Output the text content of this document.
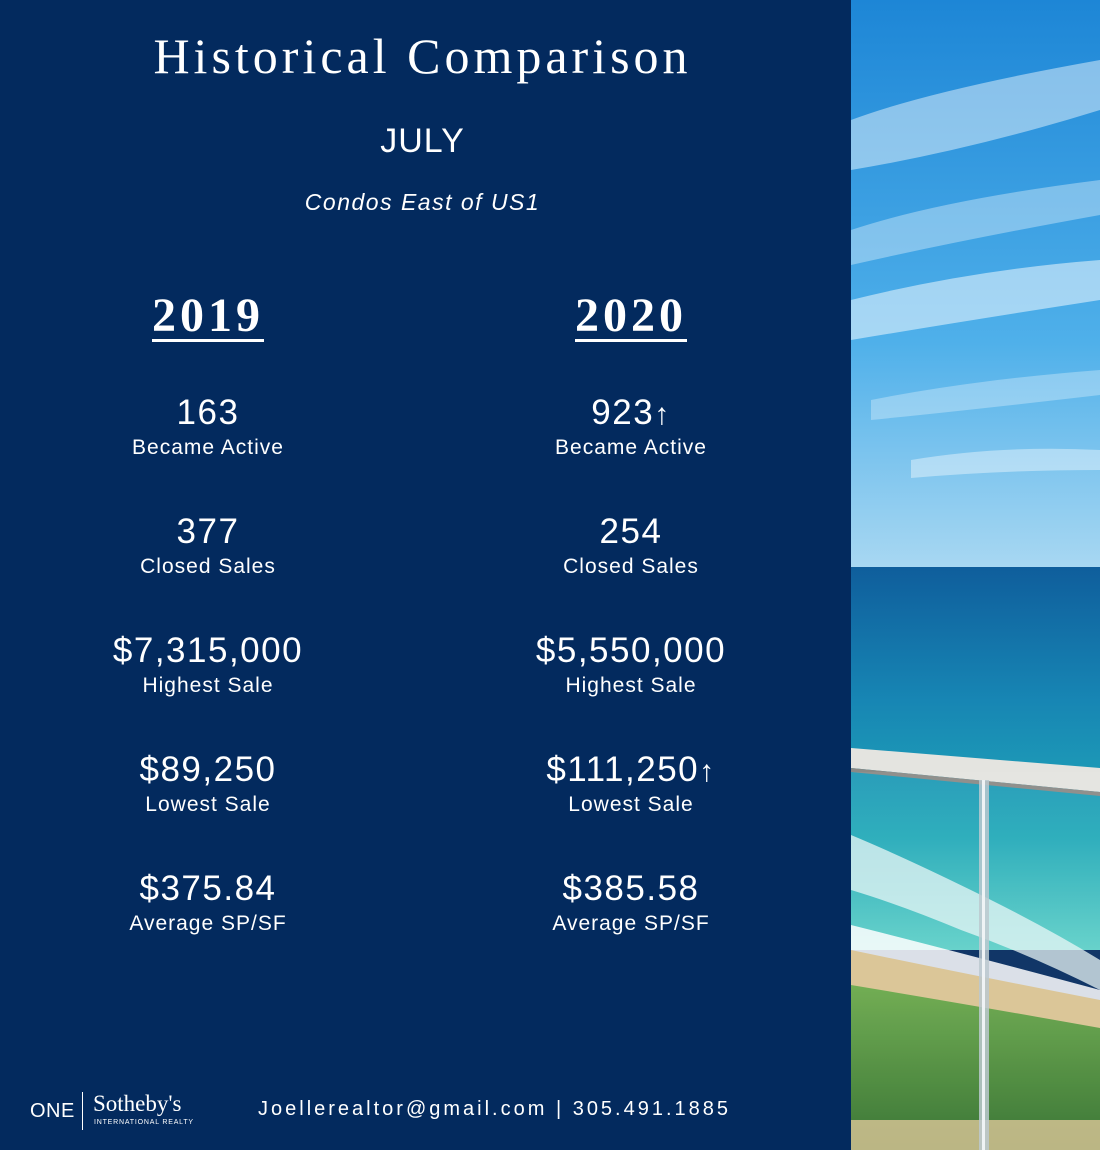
Historical Comparison
JULY
Condos East of US1
2019
163
Became Active
377
Closed Sales
$7,315,000
Highest Sale
$89,250
Lowest Sale
$375.84
Average SP/SF
2020
923↑
Became Active
254
Closed Sales
$5,550,000
Highest Sale
$111,250↑
Lowest Sale
$385.58
Average SP/SF
ONE Sotheby's
INTERNATIONAL REALTY
Joellerealtor@gmail.com | 305.491.1885
